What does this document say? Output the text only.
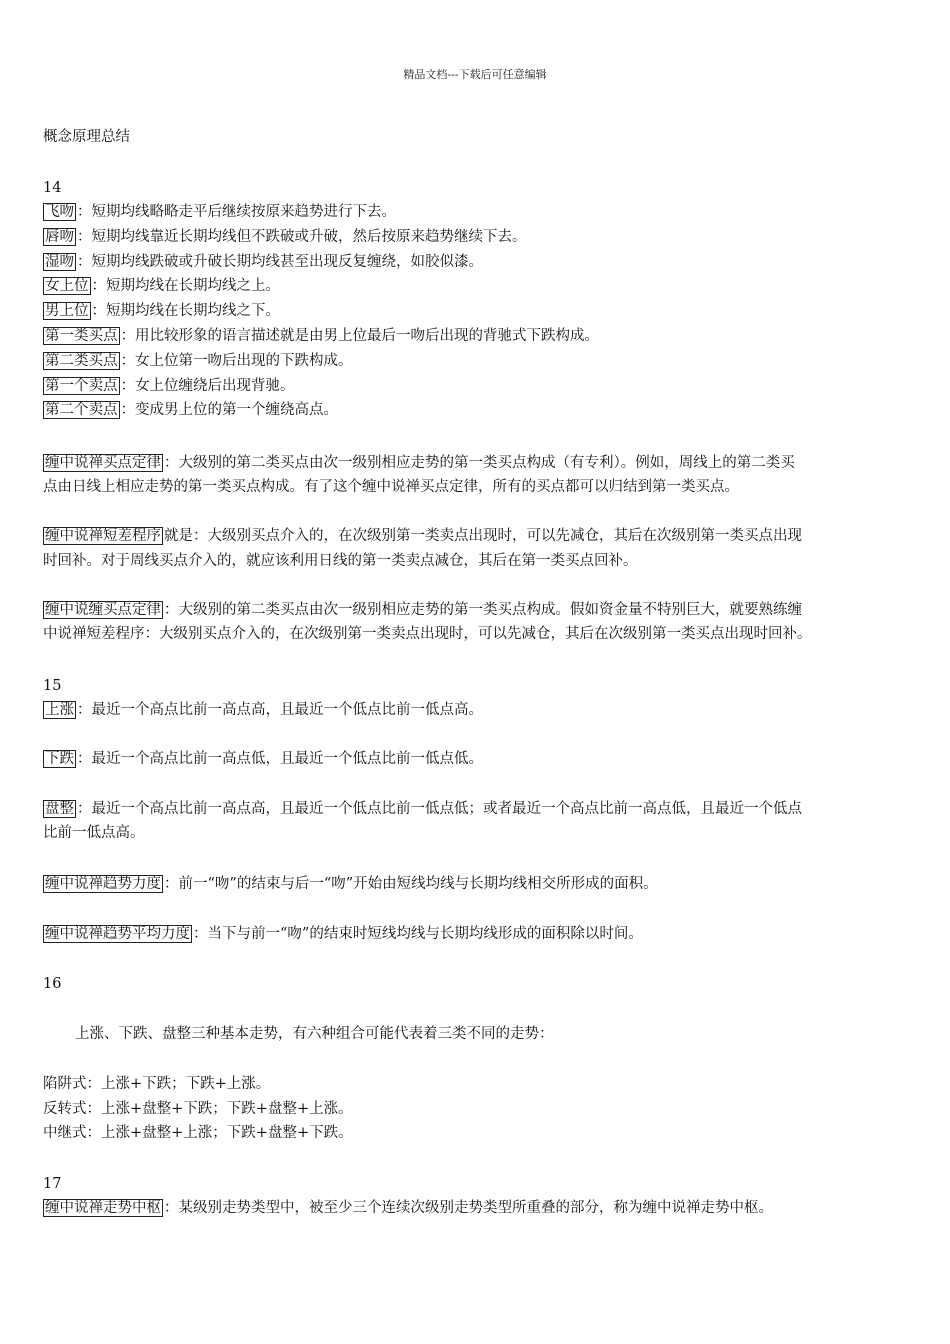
精品文档---下载后可任意编辑
概念原理总结
14
飞吻 ：短期均线略略走平后继续按原来趋势进行下去。
唇吻 ：短期均线靠近长期均线但不跌破或升破，然后按原来趋势继续下去。
湿吻 ：短期均线跌破或升破长期均线甚至出现反复缠绕，如胶似漆。
女上位 ：短期均线在长期均线之上。
男上位 ：短期均线在长期均线之下。
第一类买点 ：用比较形象的语言描述就是由男上位最后一吻后出现的背驰式下跌构成。
第二类买点 ：女上位第一吻后出现的下跌构成。
第一个卖点 ：女上位缠绕后出现背驰。
第二个卖点 ：变成男上位的第一个缠绕高点。
缠中说禅买点定律 ：大级别的第二类买点由次一级别相应走势的第一类买点构成（有专利）。例如，周线上的第二类买
点由日线上相应走势的第一类买点构成。有了这个缠中说禅买点定律，所有的买点都可以归结到第一类买点。
缠中说禅短差程序 就是：大级别买点介入的，在次级别第一类卖点出现时，可以先减仓，其后在次级别第一类买点出现
时回补。对于周线买点介入的，就应该利用日线的第一类卖点减仓，其后在第一类买点回补。
缠中说缠买点定律 ：大级别的第二类买点由次一级别相应走势的第一类买点构成。假如资金量不特别巨大，就要熟练缠
中说禅短差程序：大级别买点介入的，在次级别第一类卖点出现时，可以先减仓，其后在次级别第一类买点出现时回补。
15
上涨 ：最近一个高点比前一高点高，且最近一个低点比前一低点高。
下跌 ：最近一个高点比前一高点低，且最近一个低点比前一低点低。
盘整 ：最近一个高点比前一高点高，且最近一个低点比前一低点低；或者最近一个高点比前一高点低，且最近一个低点
比前一低点高。
缠中说禅趋势力度 ：前一“吻”的结束与后一“吻”开始由短线均线与长期均线相交所形成的面积。
缠中说禅趋势平均力度 ：当下与前一“吻”的结束时短线均线与长期均线形成的面积除以时间。
16
上涨、下跌、盘整三种基本走势，有六种组合可能代表着三类不同的走势：
陷阱式：上涨+下跌；下跌+上涨。
反转式：上涨+盘整+下跌；下跌+盘整+上涨。
中继式：上涨+盘整+上涨；下跌+盘整+下跌。
17
缠中说禅走势中枢 ：某级别走势类型中，被至少三个连续次级别走势类型所重叠的部分，称为缠中说禅走势中枢。
